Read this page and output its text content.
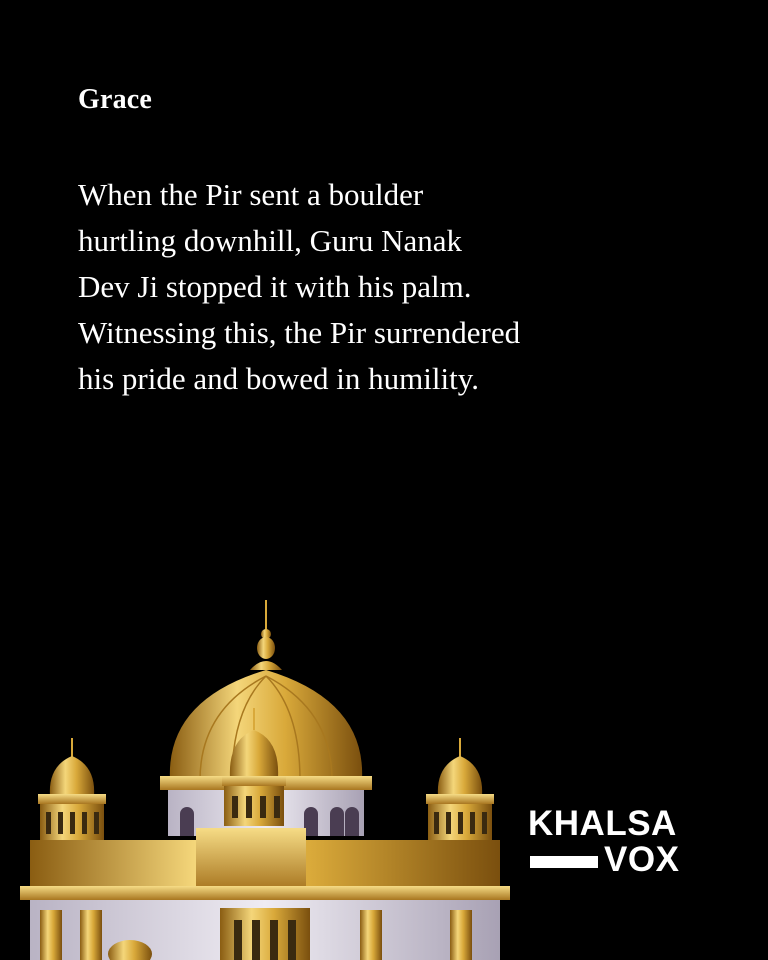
Grace
When the Pir sent a boulder
hurtling downhill, Guru Nanak
Dev Ji stopped it with his palm.
Witnessing this, the Pir surrendered
his pride and bowed in humility.
KHALSA
VOX
